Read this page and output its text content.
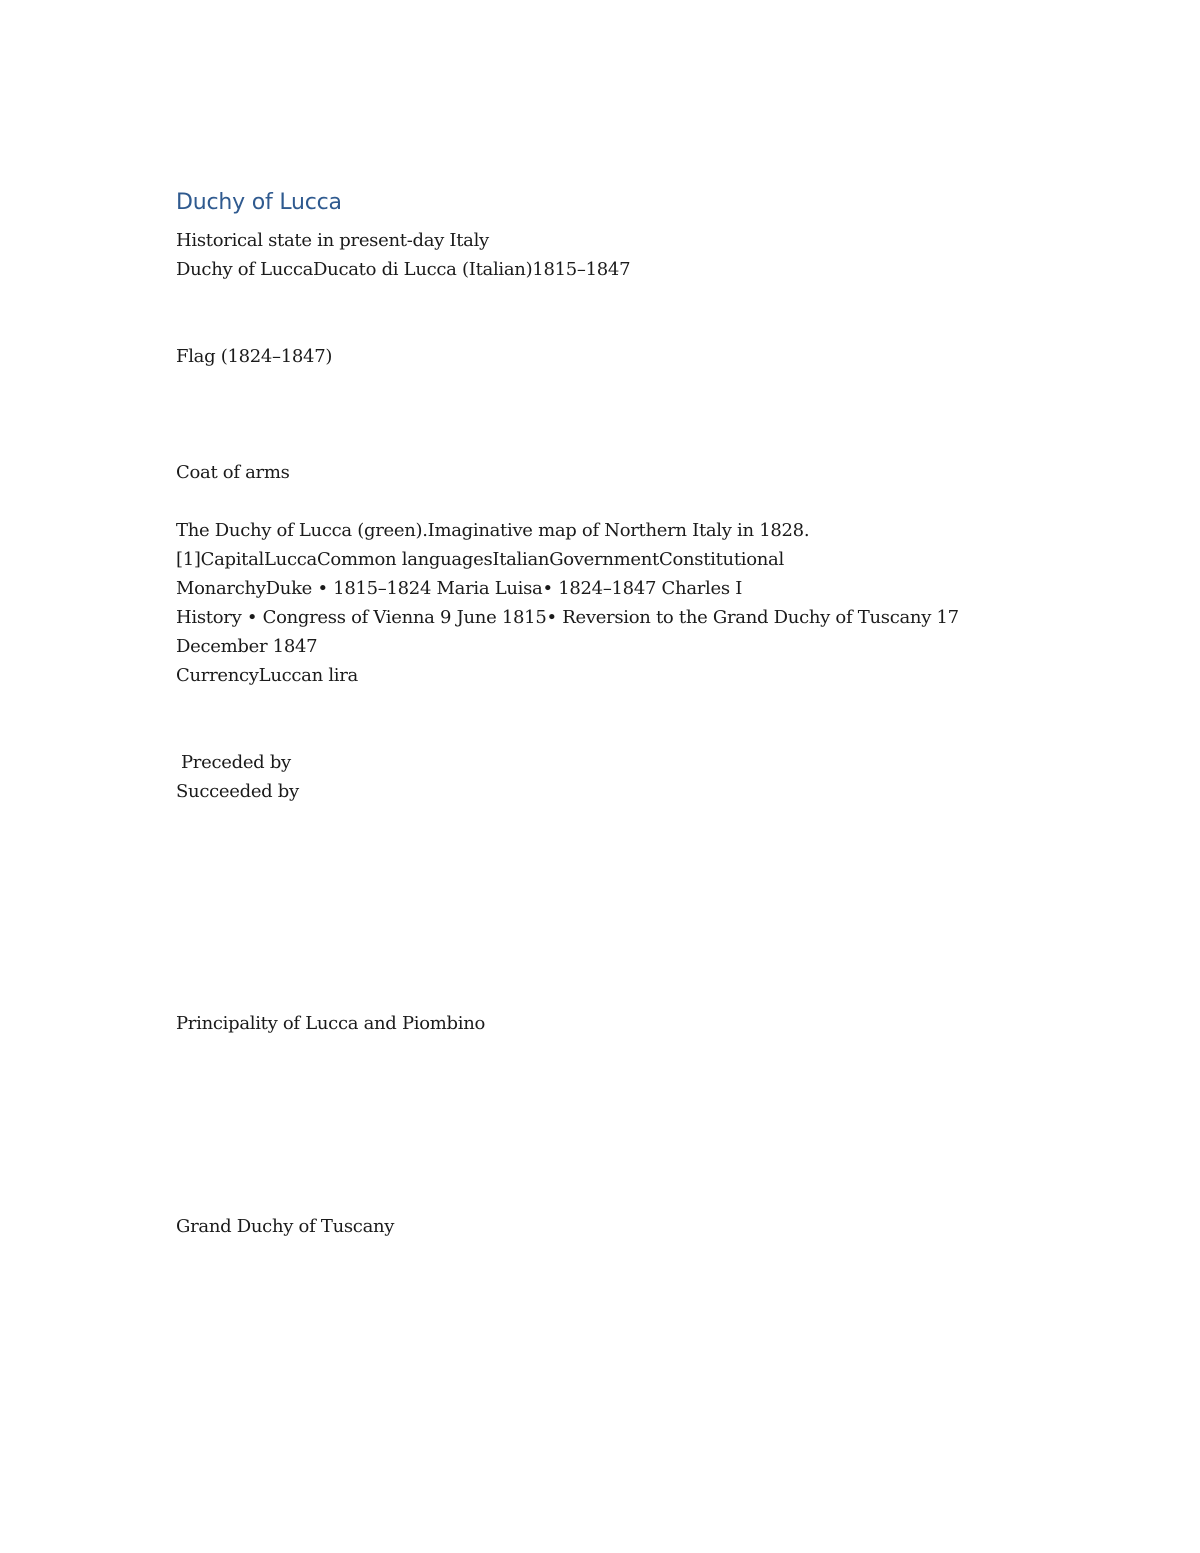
Duchy of Lucca

Historical state in present-day Italy

Duchy of LuccaDucato di Lucca (Italian)1815–1847

Flag (1824–1847)

Coat of arms

The Duchy of Lucca (green).Imaginative map of Northern Italy in 1828.
[1]CapitalLuccaCommon languagesItalianGovernmentConstitutional
MonarchyDuke • 1815–1824 Maria Luisa• 1824–1847 Charles I
History • Congress of Vienna 9 June 1815• Reversion to the Grand Duchy of Tuscany 17
December 1847
CurrencyLuccan lira

Preceded by

Succeeded by

Principality of Lucca and Piombino

Grand Duchy of Tuscany
